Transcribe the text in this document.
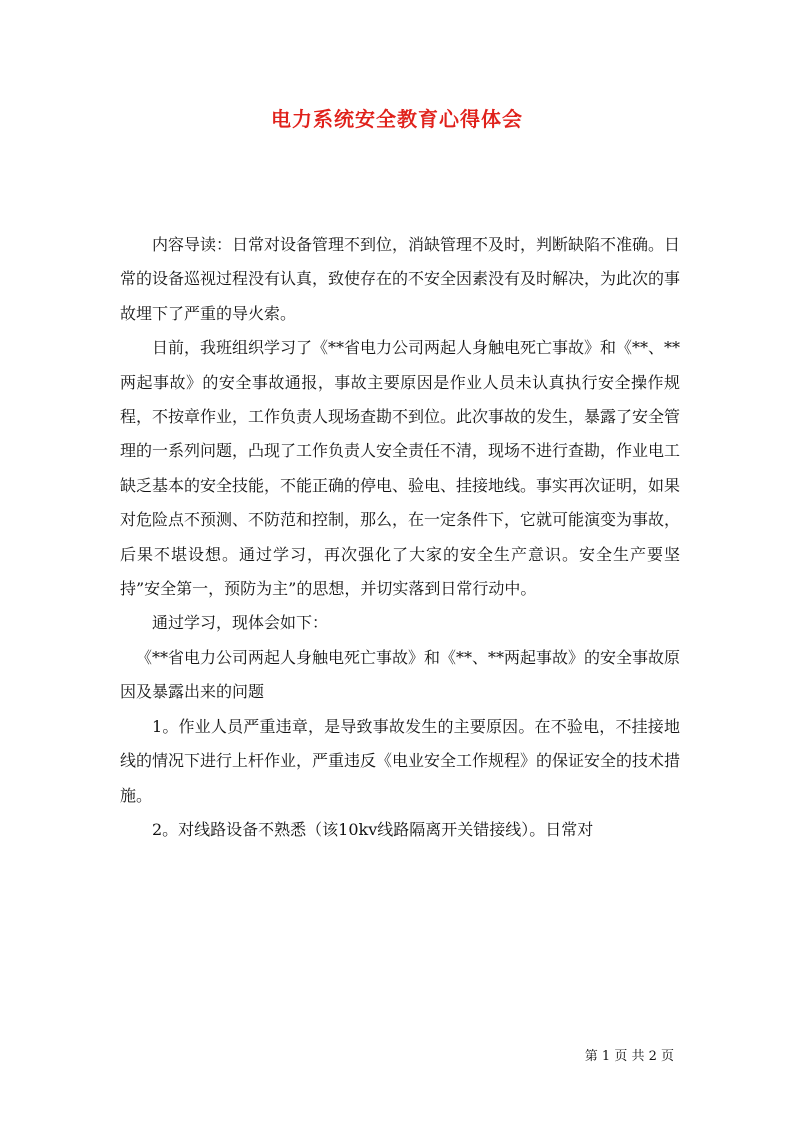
电力系统安全教育心得体会

内容导读：日常对设备管理不到位，消缺管理不及时，判断缺陷不准确。日常的设备巡视过程没有认真，致使存在的不安全因素没有及时解决，为此次的事故埋下了严重的导火索。

日前，我班组织学习了《**省电力公司两起人身触电死亡事故》和《**、**两起事故》的安全事故通报，事故主要原因是作业人员未认真执行安全操作规程，不按章作业，工作负责人现场查勘不到位。此次事故的发生，暴露了安全管理的一系列问题，凸现了工作负责人安全责任不清，现场不进行查勘，作业电工缺乏基本的安全技能，不能正确的停电、验电、挂接地线。事实再次证明，如果对危险点不预测、不防范和控制，那么，在一定条件下，它就可能演变为事故，后果不堪设想。通过学习，再次强化了大家的安全生产意识。安全生产要坚持”安全第一，预防为主”的思想，并切实落到日常行动中。

通过学习，现体会如下：

《**省电力公司两起人身触电死亡事故》和《**、**两起事故》的安全事故原因及暴露出来的问题

1。作业人员严重违章，是导致事故发生的主要原因。在不验电，不挂接地线的情况下进行上杆作业，严重违反《电业安全工作规程》的保证安全的技术措施。

2。对线路设备不熟悉（该10kv线路隔离开关错接线）。日常对

第 1 页 共 2 页
